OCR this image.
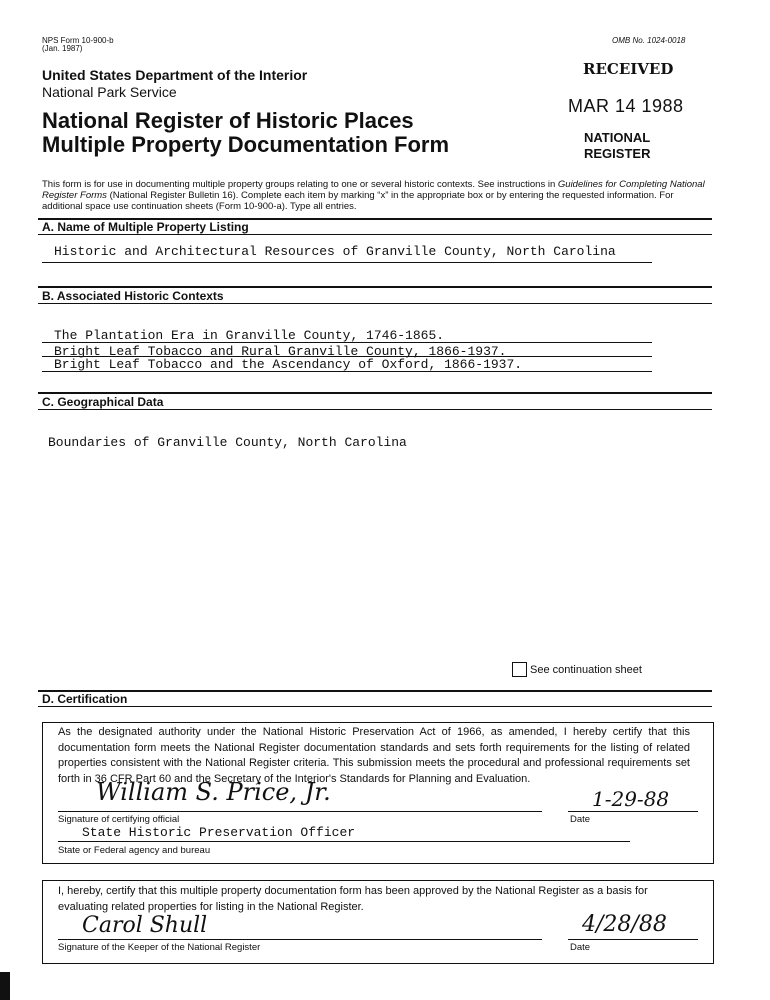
NPS Form 10-900-b
(Jan. 1987)
OMB No. 1024-0018
United States Department of the Interior
National Park Service
National Register of Historic Places
Multiple Property Documentation Form
RECEIVED
MAR 14 1988
NATIONAL
REGISTER
This form is for use in documenting multiple property groups relating to one or several historic contexts. See instructions in Guidelines for Completing National Register Forms (National Register Bulletin 16). Complete each item by marking “x” in the appropriate box or by entering the requested information. For additional space use continuation sheets (Form 10-900-a). Type all entries.
A. Name of Multiple Property Listing
Historic and Architectural Resources of Granville County, North Carolina
B. Associated Historic Contexts
The Plantation Era in Granville County, 1746-1865.
Bright Leaf Tobacco and Rural Granville County, 1866-1937.
Bright Leaf Tobacco and the Ascendancy of Oxford, 1866-1937.
C. Geographical Data
Boundaries of Granville County, North Carolina
See continuation sheet
D. Certification
As the designated authority under the National Historic Preservation Act of 1966, as amended, I hereby certify that this documentation form meets the National Register documentation standards and sets forth requirements for the listing of related properties consistent with the National Register criteria. This submission meets the procedural and professional requirements set forth in 36 CFR Part 60 and the Secretary of the Interior's Standards for Planning and Evaluation.
William S. Price, Jr.
Signature of certifying official
1-29-88
Date
State Historic Preservation Officer
State or Federal agency and bureau
I, hereby, certify that this multiple property documentation form has been approved by the National Register as a basis for evaluating related properties for listing in the National Register.
Carol Shull
Signature of the Keeper of the National Register
4/28/88
Date
